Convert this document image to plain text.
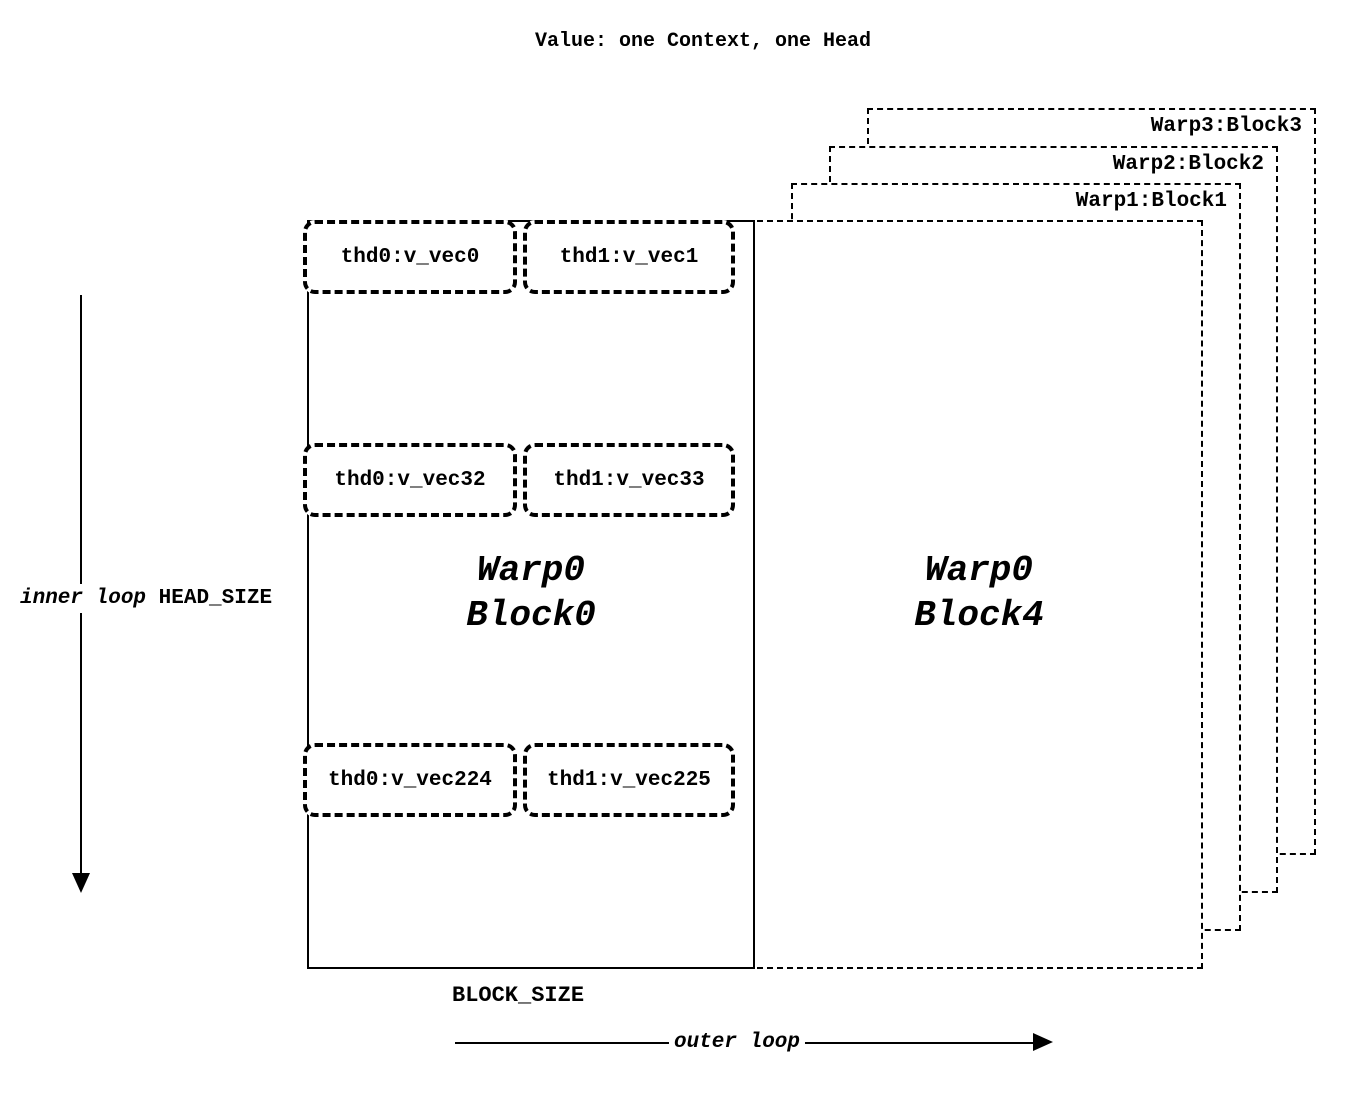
Value: one Context, one Head
Warp3:Block3
Warp2:Block2
Warp1:Block1
thd0:v_vec0	thd1:v_vec1
thd0:v_vec32	thd1:v_vec33
thd0:v_vec224	thd1:v_vec225
Warp0
Block0
Warp0
Block4
inner loop HEAD_SIZE
BLOCK_SIZE
outer loop
